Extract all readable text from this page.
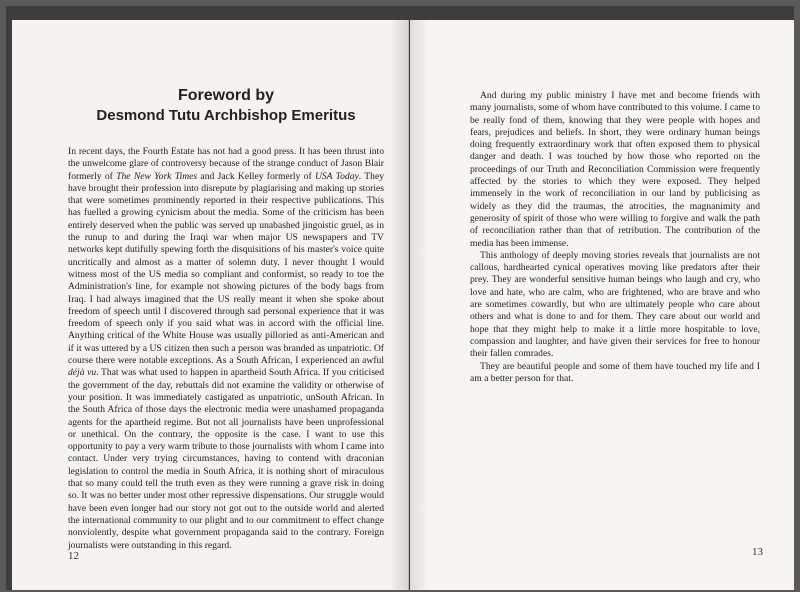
Foreword by
Desmond Tutu Archbishop Emeritus

In recent days, the Fourth Estate has not had a good press. It has been thrust into the unwelcome glare of controversy because of the strange conduct of Jason Blair formerly of The New York Times and Jack Kelley formerly of USA Today. They have brought their profession into disrepute by plagiarising and making up stories that were sometimes prominently reported in their respective publications. This has fuelled a growing cynicism about the media. Some of the criticism has been entirely deserved when the public was served up unabashed jingoistic gruel, as in the runup to and during the Iraqi war when major US newspapers and TV networks kept dutifully spewing forth the disquisitions of his master's voice quite uncritically and almost as a matter of solemn duty. I never thought I would witness most of the US media so compliant and conformist, so ready to toe the Administration's line, for example not showing pictures of the body bags from Iraq. I had always imagined that the US really meant it when she spoke about freedom of speech until I discovered through sad personal experience that it was freedom of speech only if you said what was in accord with the official line. Anything critical of the White House was usually pilloried as anti-American and if it was uttered by a US citizen then such a person was branded as unpatriotic. Of course there were notable exceptions. As a South African, I experienced an awful déjà vu. That was what used to happen in apartheid South Africa. If you criticised the government of the day, rebuttals did not examine the validity or otherwise of your position. It was immediately castigated as unpatriotic, unSouth African. In the South Africa of those days the electronic media were unashamed propaganda agents for the apartheid regime. But not all journalists have been unprofessional or unethical. On the contrary, the opposite is the case. I want to use this opportunity to pay a very warm tribute to those journalists with whom I came into contact. Under very trying circumstances, having to contend with draconian legislation to control the media in South Africa, it is nothing short of miraculous that so many could tell the truth even as they were running a grave risk in doing so. It was no better under most other repressive dispensations. Our struggle would have been even longer had our story not got out to the outside world and alerted the international community to our plight and to our commitment to effect change nonviolently, despite what government propaganda said to the contrary. Foreign journalists were outstanding in this regard.

12

And during my public ministry I have met and become friends with many journalists, some of whom have contributed to this volume. I came to be really fond of them, knowing that they were people with hopes and fears, prejudices and beliefs. In short, they were ordinary human beings doing frequently extraordinary work that often exposed them to physical danger and death. I was touched by how those who reported on the proceedings of our Truth and Reconciliation Commission were frequently affected by the stories to which they were exposed. They helped immensely in the work of reconciliation in our land by publicising as widely as they did the traumas, the atrocities, the magnanimity and generosity of spirit of those who were willing to forgive and walk the path of reconciliation rather than that of retribution. The contribution of the media has been immense.

This anthology of deeply moving stories reveals that journalists are not callous, hardhearted cynical operatives moving like predators after their prey. They are wonderful sensitive human beings who laugh and cry, who love and hate, who are calm, who are frightened, who are brave and who are sometimes cowardly, but who are ultimately people who care about others and what is done to and for them. They care about our world and hope that they might help to make it a little more hospitable to love, compassion and laughter, and have given their services for free to honour their fallen comrades.

They are beautiful people and some of them have touched my life and I am a better person for that.

13
